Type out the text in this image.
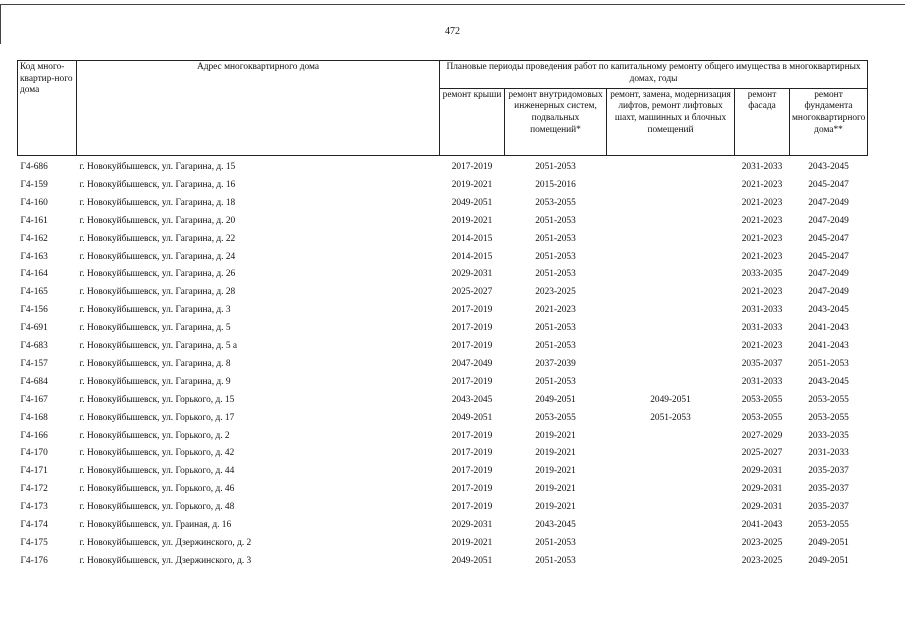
472
Код много-квартир-ного дома	Адрес многоквартирного дома	Плановые периоды проведения работ по капитальному ремонту общего имущества в многоквартирных домах, годы				
		ремонт крыши	ремонт внутридомовых инженерных систем, подвальных помещений*	ремонт, замена, модернизация лифтов, ремонт лифтовых шахт, машинных и блочных помещений	ремонт фасада	ремонт фундамента многоквартирного дома**
Г4-686	г. Новокуйбышевск, ул. Гагарина, д. 15	2017-2019	2051-2053		2031-2033	2043-2045
Г4-159	г. Новокуйбышевск, ул. Гагарина, д. 16	2019-2021	2015-2016		2021-2023	2045-2047
Г4-160	г. Новокуйбышевск, ул. Гагарина, д. 18	2049-2051	2053-2055		2021-2023	2047-2049
Г4-161	г. Новокуйбышевск, ул. Гагарина, д. 20	2019-2021	2051-2053		2021-2023	2047-2049
Г4-162	г. Новокуйбышевск, ул. Гагарина, д. 22	2014-2015	2051-2053		2021-2023	2045-2047
Г4-163	г. Новокуйбышевск, ул. Гагарина, д. 24	2014-2015	2051-2053		2021-2023	2045-2047
Г4-164	г. Новокуйбышевск, ул. Гагарина, д. 26	2029-2031	2051-2053		2033-2035	2047-2049
Г4-165	г. Новокуйбышевск, ул. Гагарина, д. 28	2025-2027	2023-2025		2021-2023	2047-2049
Г4-156	г. Новокуйбышевск, ул. Гагарина, д. 3	2017-2019	2021-2023		2031-2033	2043-2045
Г4-691	г. Новокуйбышевск, ул. Гагарина, д. 5	2017-2019	2051-2053		2031-2033	2041-2043
Г4-683	г. Новокуйбышевск, ул. Гагарина, д. 5 а	2017-2019	2051-2053		2021-2023	2041-2043
Г4-157	г. Новокуйбышевск, ул. Гагарина, д. 8	2047-2049	2037-2039		2035-2037	2051-2053
Г4-684	г. Новокуйбышевск, ул. Гагарина, д. 9	2017-2019	2051-2053		2031-2033	2043-2045
Г4-167	г. Новокуйбышевск, ул. Горького, д. 15	2043-2045	2049-2051	2049-2051	2053-2055	2053-2055
Г4-168	г. Новокуйбышевск, ул. Горького, д. 17	2049-2051	2053-2055	2051-2053	2053-2055	2053-2055
Г4-166	г. Новокуйбышевск, ул. Горького, д. 2	2017-2019	2019-2021		2027-2029	2033-2035
Г4-170	г. Новокуйбышевск, ул. Горького, д. 42	2017-2019	2019-2021		2025-2027	2031-2033
Г4-171	г. Новокуйбышевск, ул. Горького, д. 44	2017-2019	2019-2021		2029-2031	2035-2037
Г4-172	г. Новокуйбышевск, ул. Горького, д. 46	2017-2019	2019-2021		2029-2031	2035-2037
Г4-173	г. Новокуйбышевск, ул. Горького, д. 48	2017-2019	2019-2021		2029-2031	2035-2037
Г4-174	г. Новокуйбышевск, ул. Граиная, д. 16	2029-2031	2043-2045		2041-2043	2053-2055
Г4-175	г. Новокуйбышевск, ул. Дзержинского, д. 2	2019-2021	2051-2053		2023-2025	2049-2051
Г4-176	г. Новокуйбышевск, ул. Дзержинского, д. 3	2049-2051	2051-2053		2023-2025	2049-2051
